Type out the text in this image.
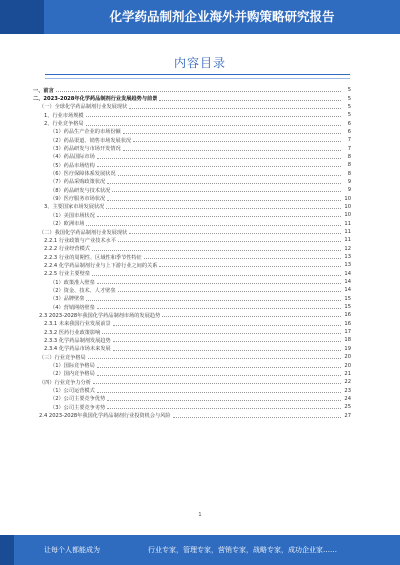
化学药品制剂企业海外并购策略研究报告
内容目录
一、前言	5
二、2023-2028年化学药品制剂行业发展趋势与前景	5
（一）全球化学药品制剂行业发展现状	5
1、行业市场规模	5
2、行业竞争格局	6
（1）药品生产企业的市场份额	6
（2）药品渠道、销售市场发展状况	7
（3）药品研发与市场开发情况	7
（4）药品国际市场	8
（5）药品市场结构	8
（6）医疗保障体系发展状况	8
（7）药品采购政策状况	9
（8）药品研发与技术状况	9
（9）医疗服务市场状况	10
3、主要国家市场发展状况	10
（1）美国市场状况	10
（2）欧洲市场	11
（二）我国化学药品制剂行业发展现状	11
2.2.1 行业政策与产业技术水平	11
2.2.2 行业经营模式	12
2.2.3 行业的周期性、区域性和季节性特征	13
2.2.4 化学药品制剂行业与上下游行业之间的关系	13
2.2.5 行业主要壁垒	14
（1）政策准入壁垒	14
（2）资金、技术、人才壁垒	14
（3）品牌壁垒	15
（4）营销网络壁垒	15
2.3 2023-2028年我国化学药品制剂市场的发展趋势	16
2.3.1 未来我国行业发展前景	16
2.3.2 医药行业政策影响	17
2.3.3 化学药品制剂发展趋势	18
2.3.4 化学药品市场未来发展	19
（三）行业竞争格局	20
（1）国际竞争格局	20
（2）国内竞争格局	21
（四）行业竞争力分析	22
（1）公司运营模式	23
（2）公司主要竞争优势	24
（3）公司主要竞争劣势	25
2.4 2023-2028年我国化学药品制剂行业投资机会与风险	27
1
让每个人都能成为	行业专家，管理专家，营销专家，战略专家，成功企业家……
